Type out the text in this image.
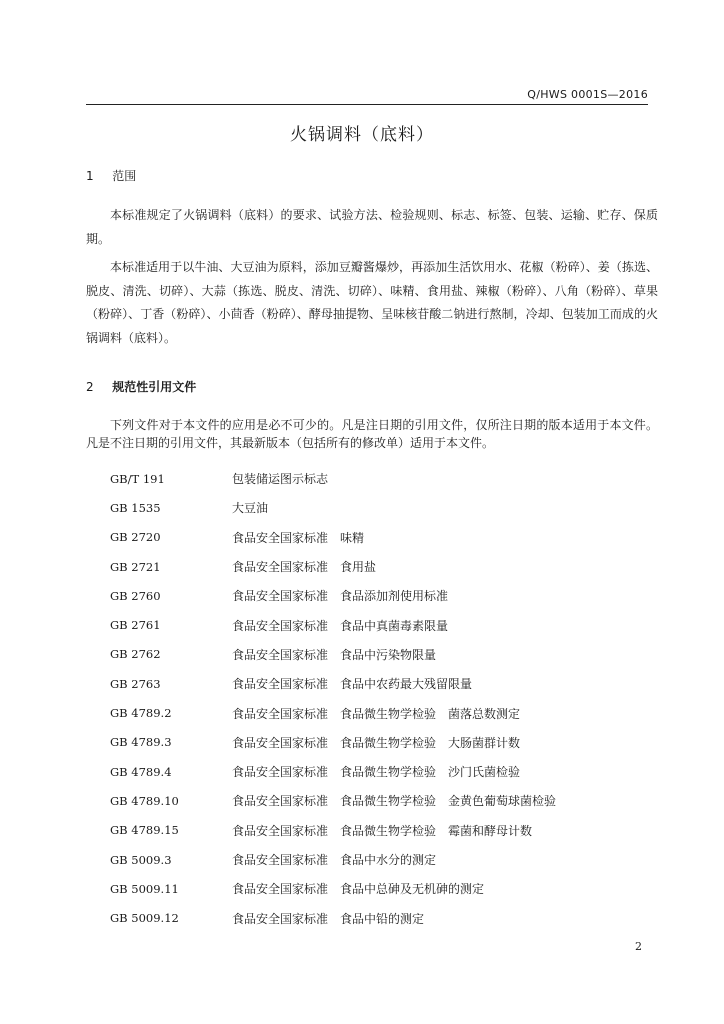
Q/HWS 0001S—2016
火锅调料（底料）
1 范围
本标准规定了火锅调料（底料）的要求、试验方法、检验规则、标志、标签、包装、运输、贮存、保质期。
本标准适用于以牛油、大豆油为原料，添加豆瓣酱爆炒，再添加生活饮用水、花椒（粉碎）、姜（拣选、脱皮、清洗、切碎）、大蒜（拣选、脱皮、清洗、切碎）、味精、食用盐、辣椒（粉碎）、八角（粉碎）、草果（粉碎）、丁香（粉碎）、小茴香（粉碎）、酵母抽提物、呈味核苷酸二钠进行熬制，冷却、包装加工而成的火锅调料（底料）。
2 规范性引用文件
下列文件对于本文件的应用是必不可少的。凡是注日期的引用文件，仅所注日期的版本适用于本文件。凡是不注日期的引用文件，其最新版本（包括所有的修改单）适用于本文件。
GB/T 191	包装储运图示标志
GB 1535	大豆油
GB 2720	食品安全国家标准　味精
GB 2721	食品安全国家标准　食用盐
GB 2760	食品安全国家标准　食品添加剂使用标准
GB 2761	食品安全国家标准　食品中真菌毒素限量
GB 2762	食品安全国家标准　食品中污染物限量
GB 2763	食品安全国家标准　食品中农药最大残留限量
GB 4789.2	食品安全国家标准　食品微生物学检验　菌落总数测定
GB 4789.3	食品安全国家标准　食品微生物学检验　大肠菌群计数
GB 4789.4	食品安全国家标准　食品微生物学检验　沙门氏菌检验
GB 4789.10	食品安全国家标准　食品微生物学检验　金黄色葡萄球菌检验
GB 4789.15	食品安全国家标准　食品微生物学检验　霉菌和酵母计数
GB 5009.3	食品安全国家标准　食品中水分的测定
GB 5009.11	食品安全国家标准　食品中总砷及无机砷的测定
GB 5009.12	食品安全国家标准　食品中铅的测定
2
